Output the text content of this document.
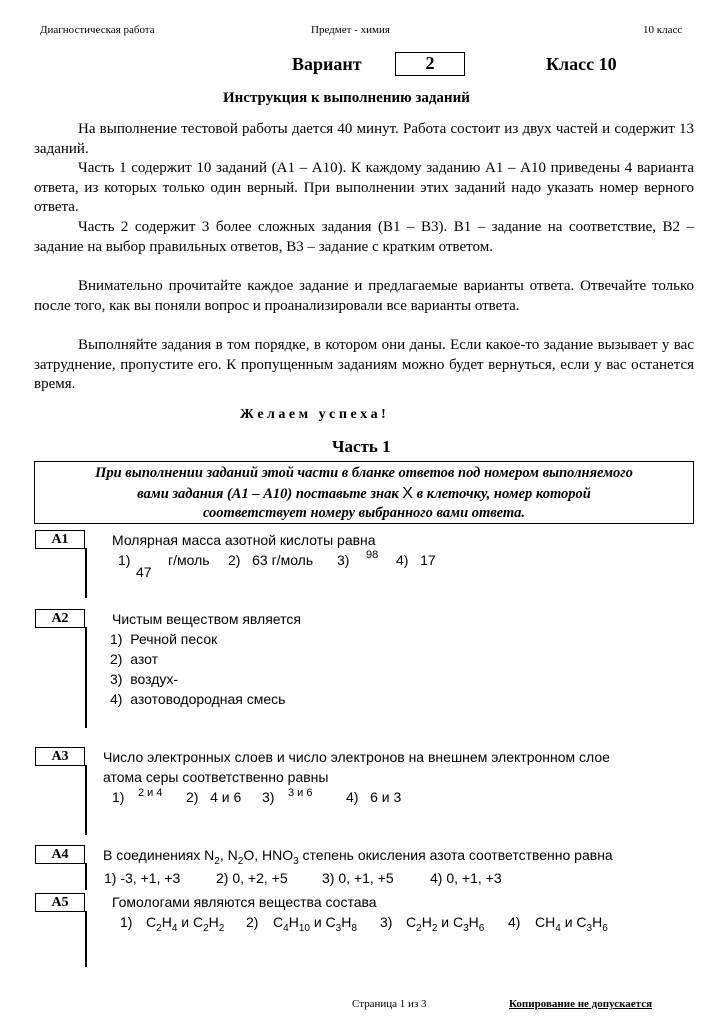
Диагностическая работа	Предмет - химия	10 класс
Вариант	2	Класс 10
Инструкция к выполнению заданий
На выполнение тестовой работы дается 40 минут. Работа состоит из двух частей и содержит 13 заданий.
Часть 1 содержит 10 заданий (А1 – А10). К каждому заданию А1 – А10 приведены 4 варианта ответа, из которых только один верный. При выполнении этих заданий надо указать номер верного ответа.
Часть 2 содержит 3 более сложных задания (В1 – В3). В1 – задание на соответствие, В2 – задание на выбор правильных ответов, В3 – задание с кратким ответом.
Внимательно прочитайте каждое задание и предлагаемые варианты ответа. Отвечайте только после того, как вы поняли вопрос и проанализировали все варианты ответа.
Выполняйте задания в том порядке, в котором они даны. Если какое-то задание вызывает у вас затруднение, пропустите его. К пропущенным заданиям можно будет вернуться, если у вас останется время.
Ж е л а е м   у с п е х а !
Часть 1
При выполнении заданий этой части в бланке ответов под номером выполняемого
вами задания (А1 – А10) поставьте знак Х в клеточку, номер которой
соответствует номеру выбранного вами ответа.
А1	Молярная масса азотной кислоты равна
1)
47
г/моль 2)   63 г/моль 3) 98 4)   17
А2	Чистым веществом является
1)  Речной песок
2)  азот
3)  воздух-
4)  азотоводородная смесь
А3	Число электронных слоев и число электронов на внешнем электронном слое
атома серы соответственно равны
1) 2 и 4 2)   4 и 6 3) 3 и 6 4)   6 и 3
А4	В соединениях $N_2$, $N_2O$, $HNO_3$ степень окисления азота соответственно равна
1) -3, +1, +3	2) 0, +2, +5 3) 0, +1, +5	4) 0, +1, +3
А5	Гомологами являются вещества состава
1) $C_2H_4$ и $C_2H_2$ 2) $C_4H_{10}$ и $C_3H_8$ 3) $C_2H_2$ и $C_3H_6$ 4) $CH_4$ и $C_3H_6$
Страница 1 из 3	Копирование не допускается
